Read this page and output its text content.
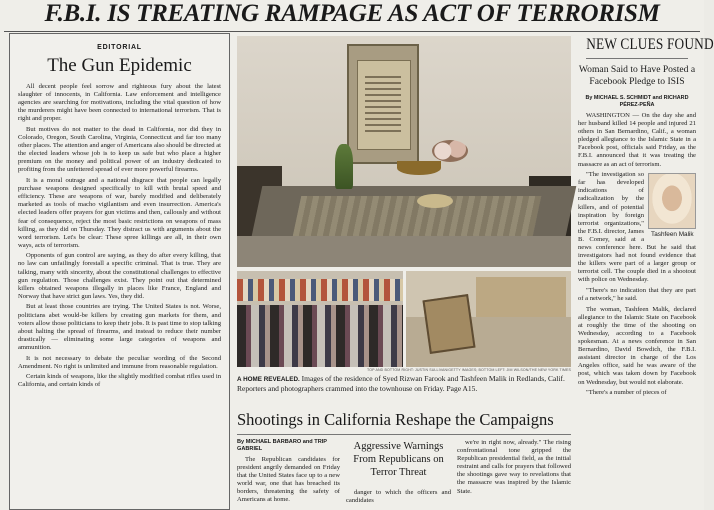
F.B.I. IS TREATING RAMPAGE AS ACT OF TERRORISM
EDITORIAL
The Gun Epidemic

All decent people feel sorrow and righteous fury about the latest slaughter of innocents, in California. Law enforcement and intelligence agencies are searching for motivations, including the vital question of how the murderers might have been connected to international terrorism. That is right and proper.

But motives do not matter to the dead in California, nor did they in Colorado, Oregon, South Carolina, Virginia, Connecticut and far too many other places. The attention and anger of Americans also should be directed at the elected leaders whose job is to keep us safe but who place a higher premium on the money and political power of an industry dedicated to profiting from the unfettered spread of ever more powerful firearms.

It is a moral outrage and a national disgrace that people can legally purchase weapons designed specifically to kill with brutal speed and efficiency. These are weapons of war, barely modified and deliberately marketed as tools of macho vigilantism and even insurrection. America's elected leaders offer prayers for gun victims and then, callously and without fear of consequence, reject the most basic restrictions on weapons of mass killing, as they did on Thursday. They distract us with arguments about the word terrorism. Let's be clear: These spree killings are all, in their own ways, acts of terrorism.

Opponents of gun control are saying, as they do after every killing, that no law can unfailingly forestall a specific criminal. That is true. They are talking, many with sincerity, about the constitutional challenges to effective gun regulation. Those challenges exist. They point out that determined killers obtained weapons illegally in places like France, England and Norway that have strict gun laws. Yes, they did.

But at least those countries are trying. The United States is not. Worse, politicians abet would-be killers by creating gun markets for them, and voters allow those politicians to keep their jobs. It is past time to stop talking about halting the spread of firearms, and instead to reduce their number drastically — eliminating some large categories of weapons and ammunition.

It is not necessary to debate the peculiar wording of the Second Amendment. No right is unlimited and immune from reasonable regulation.

Certain kinds of weapons, like the slightly modified combat rifles used in California, and certain kinds of

TOP AND BOTTOM RIGHT: JUSTIN SULLIVAN/GETTY IMAGES; BOTTOM LEFT: JIM WILSON/THE NEW YORK TIMES
A HOME REVEALED. Images of the residence of Syed Rizwan Farook and Tashfeen Malik in Redlands, Calif. Reporters and photographers crammed into the townhouse on Friday. Page A15.
Shootings in California Reshape the Campaigns
By MICHAEL BARBARO and TRIP GABRIEL

The Republican candidates for president angrily demanded on Friday that the United States face up to a new world war, one that has breached its borders, threatening the safety of Americans at home.

Aggressive Warnings From Republicans on Terror Threat

danger to which the officers and candidates

we're in right now, already." The rising confrontational tone gripped the Republican presidential field, as the initial restraint and calls for prayers that followed the shootings gave way to revelations that the massacre was inspired by the Islamic State.

NEW CLUES FOUND
Woman Said to Have Posted a Facebook Pledge to ISIS
By MICHAEL S. SCHMIDT and RICHARD PÉREZ-PEÑA

WASHINGTON — On the day she and her husband killed 14 people and injured 21 others in San Bernardino, Calif., a woman pledged allegiance to the Islamic State in a Facebook post, officials said Friday, as the F.B.I. announced that it was treating the massacre as an act of terrorism.

Tashfeen Malik

"The investigation so far has developed indications of radicalization by the killers, and of potential inspiration by foreign terrorist organizations," the F.B.I. director, James B. Comey, said at a news conference here. But he said that investigators had not found evidence that the killers were part of a larger group or terrorist cell. The couple died in a shootout with police on Wednesday.

"There's no indication that they are part of a network," he said.

The woman, Tashfeen Malik, declared allegiance to the Islamic State on Facebook at roughly the time of the shooting on Wednesday, according to a Facebook spokesman. At a news conference in San Bernardino, David Bowdich, the F.B.I. assistant director in charge of the Los Angeles office, said he was aware of the post, which was taken down by Facebook on Wednesday, but would not elaborate.

"There's a number of pieces of
